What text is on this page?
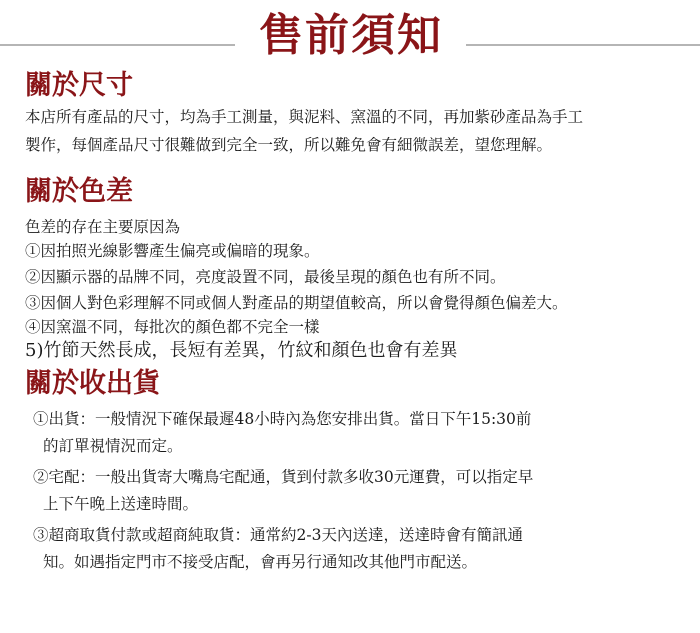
售前須知
關於尺寸
本店所有產品的尺寸，均為手工測量，與泥料、窯溫的不同，再加紫砂產品為手工
製作，每個產品尺寸很難做到完全一致，所以難免會有細微誤差，望您理解。
關於色差
色差的存在主要原因為
①因拍照光線影響產生偏亮或偏暗的現象。
②因顯示器的品牌不同，亮度設置不同，最後呈現的顏色也有所不同。
③因個人對色彩理解不同或個人對產品的期望值較高，所以會覺得顏色偏差大。
④因窯溫不同，每批次的顏色都不完全一樣
5)竹節天然長成，長短有差異，竹紋和顏色也會有差異
關於收出貨
①出貨：一般情況下確保最遲48小時內為您安排出貨。當日下午15:30前
的訂單視情況而定。
②宅配：一般出貨寄大嘴鳥宅配通，貨到付款多收30元運費，可以指定早
上下午晚上送達時間。
③超商取貨付款或超商純取貨：通常約2-3天內送達，送達時會有簡訊通
知。如遇指定門市不接受店配，會再另行通知改其他門市配送。
